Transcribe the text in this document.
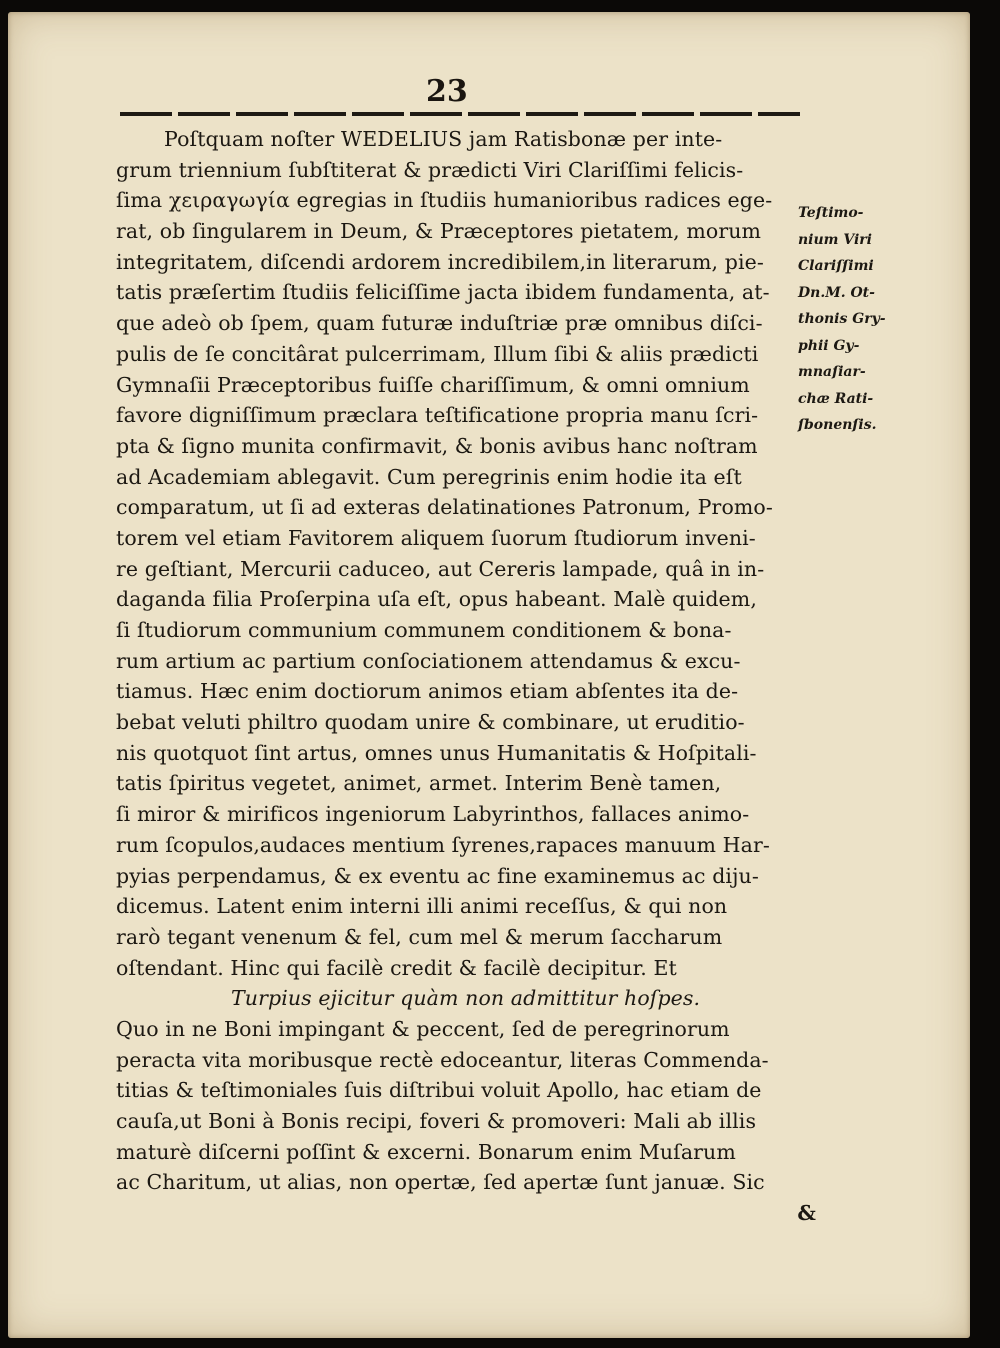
23
Poſtquam noſter WEDELIUS jam Ratisbonæ per inte-
grum triennium ſubſtiterat & prædicti Viri Clariſſimi felicis-
ſima χειραγωγία egregias in ſtudiis humanioribus radices ege-
rat, ob ſingularem in Deum, & Præceptores pietatem, morum
integritatem, diſcendi ardorem incredibilem,in literarum, pie-
tatis præſertim ſtudiis feliciſſime jacta ibidem fundamenta, at-
que adeò ob ſpem, quam futuræ induſtriæ præ omnibus diſci-
pulis de ſe concitârat pulcerrimam, Illum ſibi & aliis prædicti
Gymnaſii Præceptoribus fuiſſe chariſſimum, & omni omnium
favore digniſſimum præclara teſtificatione propria manu ſcri-
pta & ſigno munita confirmavit, & bonis avibus hanc noſtram
ad Academiam ablegavit. Cum peregrinis enim hodie ita eſt
comparatum, ut ſi ad exteras delatinationes Patronum, Promo-
torem vel etiam Favitorem aliquem ſuorum ſtudiorum inveni-
re geſtiant, Mercurii caduceo, aut Cereris lampade, quâ in in-
daganda filia Proſerpina uſa eſt, opus habeant. Malè quidem,
ſi ſtudiorum communium communem conditionem & bona-
rum artium ac partium conſociationem attendamus & excu-
tiamus. Hæc enim doctiorum animos etiam abſentes ita de-
bebat veluti philtro quodam unire & combinare, ut eruditio-
nis quotquot ſint artus, omnes unus Humanitatis & Hoſpitali-
tatis ſpiritus vegetet, animet, armet. Interim Benè tamen,
ſi miror & mirificos ingeniorum Labyrinthos, fallaces animo-
rum ſcopulos,audaces mentium ſyrenes,rapaces manuum Har-
pyias perpendamus, & ex eventu ac fine examinemus ac diju-
dicemus. Latent enim interni illi animi receſſus, & qui non
rarò tegant venenum & fel, cum mel & merum ſaccharum
oſtendant. Hinc qui facilè credit & facilè decipitur. Et
Turpius ejicitur quàm non admittitur hoſpes.
Quo in ne Boni impingant & peccent, ſed de peregrinorum
peracta vita moribusque rectè edoceantur, literas Commenda-
titias & teſtimoniales ſuis diſtribui voluit Apollo, hac etiam de
cauſa,ut Boni à Bonis recipi, foveri & promoveri: Mali ab illis
maturè diſcerni poſſint & excerni. Bonarum enim Muſarum
ac Charitum, ut alias, non opertæ, ſed apertæ ſunt januæ. Sic
&
Teſtimo-
nium Viri
Clariſſimi
Dn.M. Ot-
thonis Gry-
phii Gy-
mnaſiar-
chæ Rati-
ſbonenſis.
